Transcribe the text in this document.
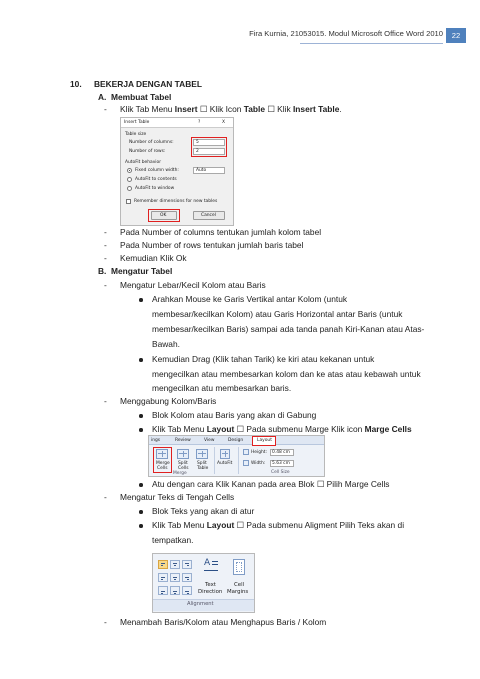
Fira Kurnia, 21053015. Modul Microsoft Office Word 2010	22
10. BEKERJA DENGAN TABEL
A. Membuat Tabel
- Klik Tab Menu Insert ☐ Klik Icon Table ☐ Klik Insert Table.
Insert Table	?	X
Table size
Number of columns:	5
Number of rows:	2
AutoFit behavior
Fixed column width:	Auto
AutoFit to contents
AutoFit to window
Remember dimensions for new tables
OK	Cancel
- Pada Number of columns tentukan jumlah kolom tabel
- Pada Number of rows tentukan jumlah baris tabel
- Kemudian Klik Ok
B. Mengatur Tabel
- Mengatur Lebar/Kecil Kolom atau Baris
Arahkan Mouse ke Garis Vertikal antar Kolom (untuk
membesar/kecilkan Kolom) atau Garis Horizontal antar Baris (untuk
membesar/kecilkan Baris) sampai ada tanda panah Kiri-Kanan atau Atas-
Bawah.
Kemudian Drag (Klik tahan Tarik) ke kiri atau kekanan untuk
mengecilkan atau membesarkan kolom dan ke atas atau kebawah untuk
mengecilkan atu membesarkan baris.
- Menggabung Kolom/Baris
Blok Kolom atau Baris yang akan di Gabung
Klik Tab Menu Layout ☐ Pada submenu Marge Klik icon Marge Cells
ings	Review	View	Design	Layout
Merge
Cells
Split
Cells
Split
Table
Merge
AutoFit
Height: 0.48 cm
Width: 5.63 cm
Cell Size
Atu dengan cara Klik Kanan pada area Blok ☐ Pilih Marge Cells
- Mengatur Teks di Tengah Cells
Blok Teks yang akan di atur
Klik Tab Menu Layout ☐ Pada submenu Aligment Pilih Teks akan di
tempatkan.
A
Text
Direction
Cell
Margins
Alignment
- Menambah Baris/Kolom atau Menghapus Baris / Kolom
